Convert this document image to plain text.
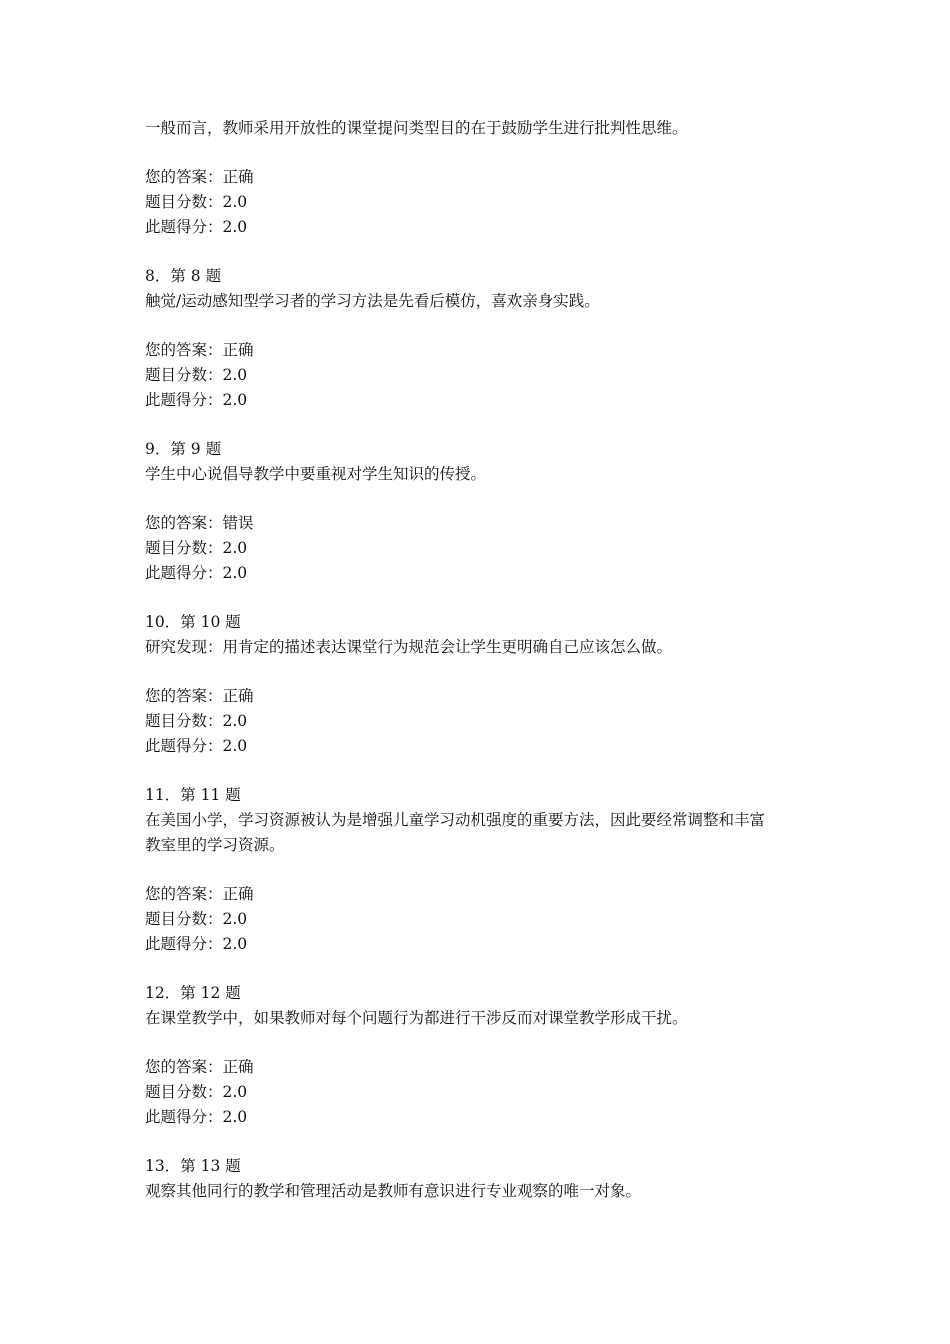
一般而言，教师采用开放性的课堂提问类型目的在于鼓励学生进行批判性思维。

您的答案：正确

题目分数：2.0

此题得分：2.0

8．第 8 题

触觉/运动感知型学习者的学习方法是先看后模仿，喜欢亲身实践。

您的答案：正确

题目分数：2.0

此题得分：2.0

9．第 9 题

学生中心说倡导教学中要重视对学生知识的传授。

您的答案：错误

题目分数：2.0

此题得分：2.0

10．第 10 题

研究发现：用肯定的描述表达课堂行为规范会让学生更明确自己应该怎么做。

您的答案：正确

题目分数：2.0

此题得分：2.0

11．第 11 题

在美国小学，学习资源被认为是增强儿童学习动机强度的重要方法，因此要经常调整和丰富

教室里的学习资源。

您的答案：正确

题目分数：2.0

此题得分：2.0

12．第 12 题

在课堂教学中，如果教师对每个问题行为都进行干涉反而对课堂教学形成干扰。

您的答案：正确

题目分数：2.0

此题得分：2.0

13．第 13 题

观察其他同行的教学和管理活动是教师有意识进行专业观察的唯一对象。
